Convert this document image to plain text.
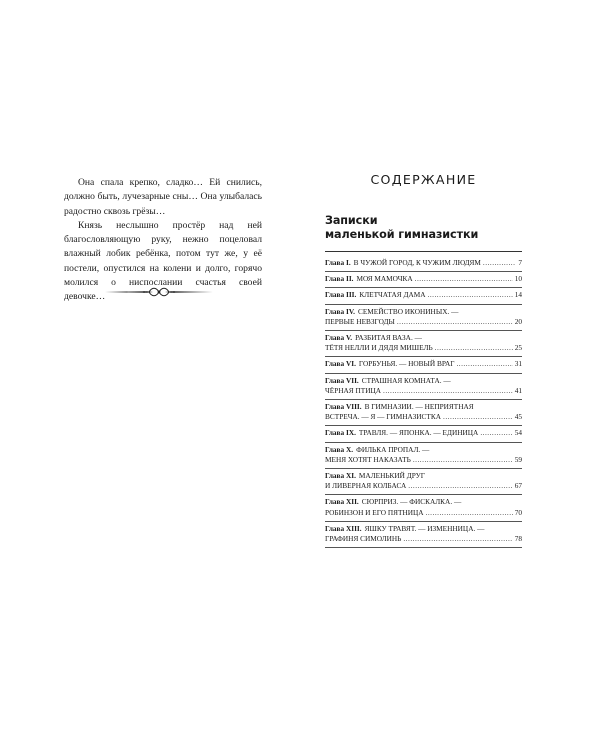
Она спала крепко, сладко… Ей снились, должно быть, лучезарные сны… Она улыбалась радостно сквозь грёзы…

Князь неслышно простёр над ней благословляющую руку, нежно поцеловал влажный лобик ребёнка, потом тут же, у её постели, опустился на колени и долго, горячо молился о ниспослании счастья своей девочке…

СОДЕРЖАНИЕ
Записки
маленькой гимназистки
Глава I. В ЧУЖОЙ ГОРОД, К ЧУЖИМ ЛЮДЯМ .....	7
Глава II. МОЯ МАМОЧКА .....	10
Глава III. КЛЕТЧАТАЯ ДАМА .....	14
Глава IV. СЕМЕЙСТВО ИКОНИНЫХ. —
ПЕРВЫЕ НЕВЗГОДЫ .....	20
Глава V. РАЗБИТАЯ ВАЗА. —
ТЁТЯ НЕЛЛИ И ДЯДЯ МИШЕЛЬ .....	25
Глава VI. ГОРБУНЬЯ. — НОВЫЙ ВРАГ .....	31
Глава VII. СТРАШНАЯ КОМНАТА. —
ЧЁРНАЯ ПТИЦА .....	41
Глава VIII. В ГИМНАЗИИ. — НЕПРИЯТНАЯ
ВСТРЕЧА. — Я — ГИМНАЗИСТКА .....	45
Глава IX. ТРАВЛЯ. — ЯПОНКА. — ЕДИНИЦА .....	54
Глава X. ФИЛЬКА ПРОПАЛ. —
МЕНЯ ХОТЯТ НАКАЗАТЬ .....	59
Глава XI. МАЛЕНЬКИЙ ДРУГ
И ЛИВЕРНАЯ КОЛБАСА .....	67
Глава XII. СЮРПРИЗ. — ФИСКАЛКА. —
РОБИНЗОН И ЕГО ПЯТНИЦА .....	70
Глава XIII. ЯШКУ ТРАВЯТ. — ИЗМЕННИЦА. —
ГРАФИНЯ СИМОЛИНЬ .....	78
